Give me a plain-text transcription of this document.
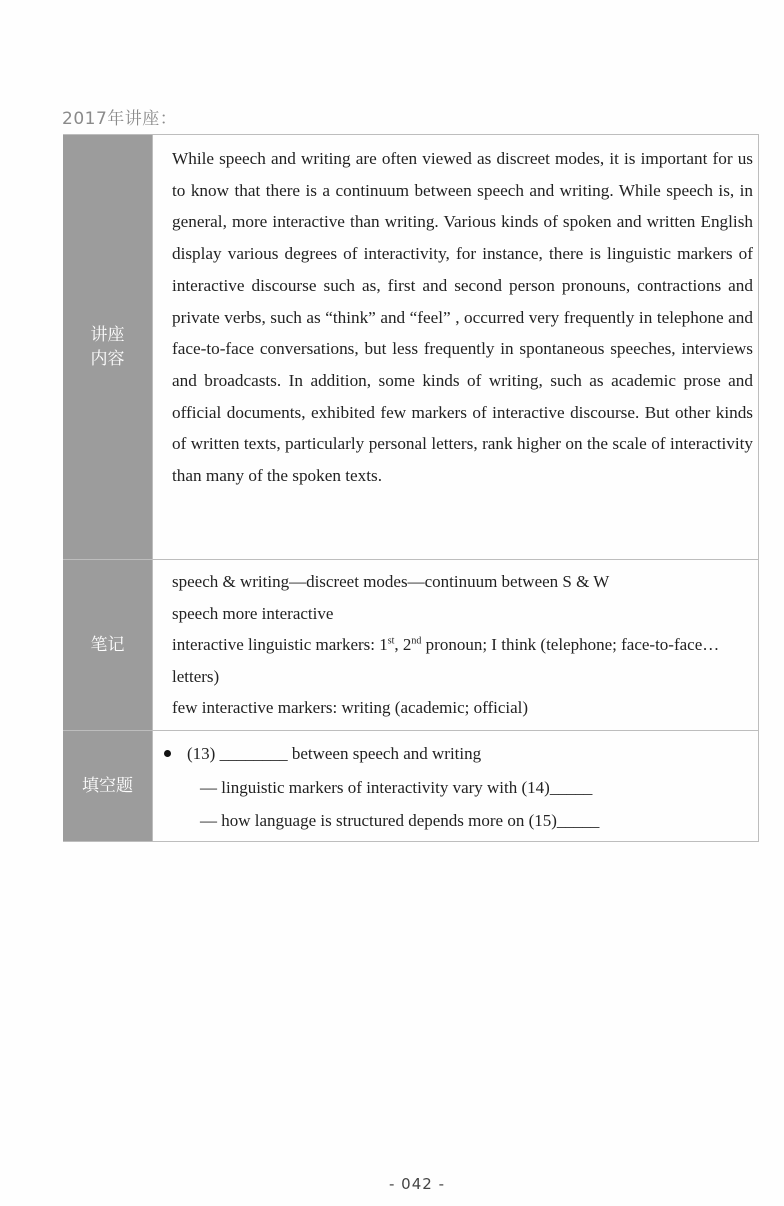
2017年讲座：
讲座
内容

While speech and writing are often viewed as discreet modes, it is important for us to know that there is a continuum between speech and writing. While speech is, in general, more interactive than writing. Various kinds of spoken and written English display various degrees of interactivity, for instance, there is linguistic markers of interactive discourse such as, first and second person pronouns, contractions and private verbs, such as “think” and “feel” , occurred very frequently in telephone and face-to-face conversations, but less frequently in spontaneous speeches, interviews and broadcasts. In addition, some kinds of writing, such as academic prose and official documents, exhibited few markers of interactive discourse. But other kinds of written texts, particularly personal letters, rank higher on the scale of interactivity than many of the spoken texts.

笔记
speech & writing—discreet modes—continuum between S & W
speech more interactive
interactive linguistic markers: 1st, 2nd pronoun; I think (telephone; face-to-face…letters)
few interactive markers: writing (academic; official)
填空题
(13) ________ between speech and writing
— linguistic markers of interactivity vary with (14)_____
— how language is structured depends more on (15)_____
- 042 -
